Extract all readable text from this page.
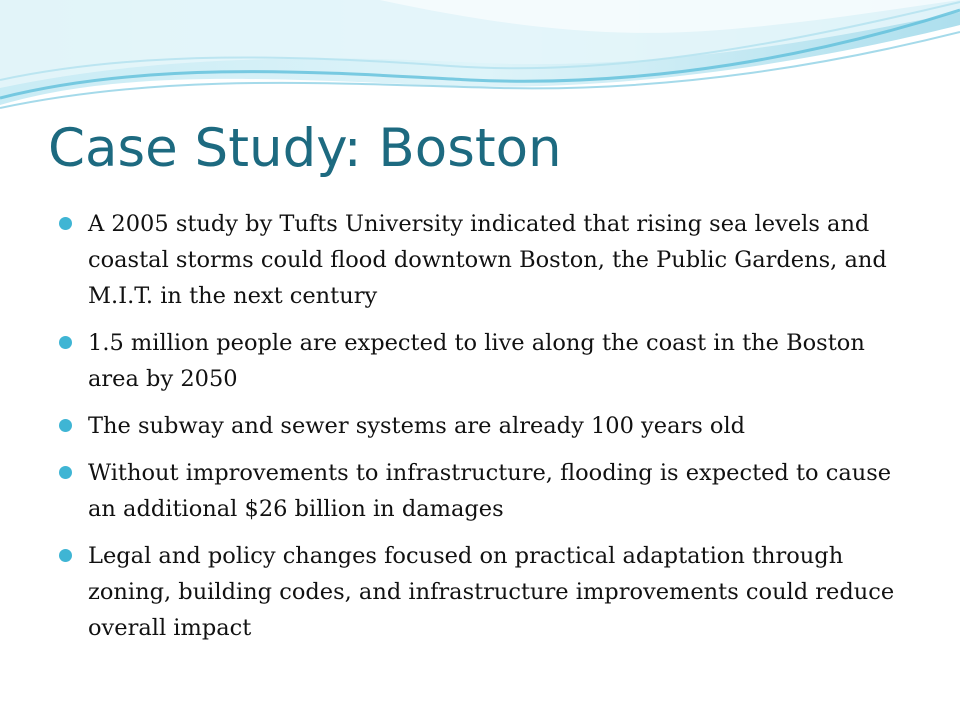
Case Study: Boston
A 2005 study by Tufts University indicated that rising sea levels and coastal storms could flood downtown Boston, the Public Gardens, and M.I.T. in the next century
1.5 million people are expected to live along the coast in the Boston area by 2050
The subway and sewer systems are already 100 years old
Without improvements to infrastructure, flooding is expected to cause an additional $26 billion in damages
Legal and policy changes focused on practical adaptation through zoning, building codes, and infrastructure improvements could reduce overall impact
